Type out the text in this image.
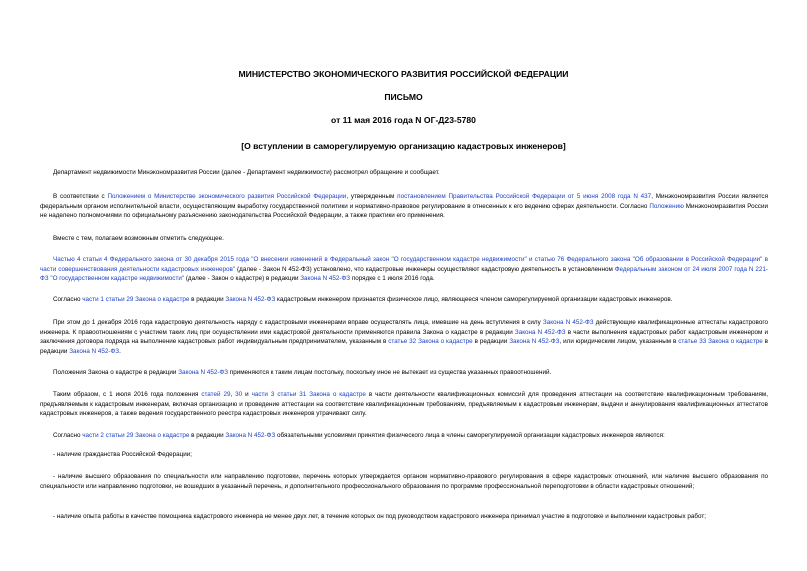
МИНИСТЕРСТВО ЭКОНОМИЧЕСКОГО РАЗВИТИЯ РОССИЙСКОЙ ФЕДЕРАЦИИ
ПИСЬМО
от 11 мая 2016 года N ОГ-Д23-5780
[О вступлении в саморегулируемую организацию кадастровых инженеров]
Департамент недвижимости Минэкономразвития России (далее - Департамент недвижимости) рассмотрел обращение и сообщает.
В соответствии с Положением о Министерстве экономического развития Российской Федерации, утвержденным постановлением Правительства Российской Федерации от 5 июня 2008 года N 437, Минэкономразвития России является федеральным органом исполнительной власти, осуществляющим выработку государственной политики и нормативно-правовое регулирование в отнесенных к его ведению сферах деятельности. Согласно Положению Минэкономразвития России не наделено полномочиями по официальному разъяснению законодательства Российской Федерации, а также практики его применения.
Вместе с тем, полагаем возможным отметить следующее.
Частью 4 статьи 4 Федерального закона от 30 декабря 2015 года "О внесении изменений в Федеральный закон "О государственном кадастре недвижимости" и статью 76 Федерального закона "Об образовании в Российской Федерации" в части совершенствования деятельности кадастровых инженеров" (далее - Закон N 452-ФЗ) установлено, что кадастровые инженеры осуществляют кадастровую деятельность в установленном Федеральным законом от 24 июля 2007 года N 221-ФЗ "О государственном кадастре недвижимости" (далее - Закон о кадастре) в редакции Закона N 452-ФЗ порядке с 1 июля 2016 года.
Согласно части 1 статьи 29 Закона о кадастре в редакции Закона N 452-ФЗ кадастровым инженером признается физическое лицо, являющееся членом саморегулируемой организации кадастровых инженеров.
При этом до 1 декабря 2016 года кадастровую деятельность наряду с кадастровыми инженерами вправе осуществлять лица, имевшие на день вступления в силу Закона N 452-ФЗ действующие квалификационные аттестаты кадастрового инженера. К правоотношениям с участием таких лиц при осуществлении ими кадастровой деятельности применяются правила Закона о кадастре в редакции Закона N 452-ФЗ в части выполнения кадастровых работ кадастровым инженером и заключения договора подряда на выполнение кадастровых работ индивидуальным предпринимателем, указанным в статье 32 Закона о кадастре в редакции Закона N 452-ФЗ, или юридическим лицом, указанным в статье 33 Закона о кадастре в редакции Закона N 452-ФЗ.
Положения Закона о кадастре в редакции Закона N 452-ФЗ применяются к таким лицам постольку, поскольку иное не вытекает из существа указанных правоотношений.
Таким образом, с 1 июля 2016 года положения статей 29, 30 и части 3 статьи 31 Закона о кадастре в части деятельности квалификационных комиссий для проведения аттестации на соответствие квалификационным требованиям, предъявляемым к кадастровым инженерам, включая организацию и проведение аттестации на соответствие квалификационным требованиям, предъявляемым к кадастровым инженерам, выдачи и аннулирования квалификационных аттестатов кадастровых инженеров, а также ведения государственного реестра кадастровых инженеров утрачивают силу.
Согласно части 2 статьи 29 Закона о кадастре в редакции Закона N 452-ФЗ обязательными условиями принятия физического лица в члены саморегулируемой организации кадастровых инженеров являются:
- наличие гражданства Российской Федерации;
- наличие высшего образования по специальности или направлению подготовки, перечень которых утверждается органом нормативно-правового регулирования в сфере кадастровых отношений, или наличие высшего образования по специальности или направлению подготовки, не вошедших в указанный перечень, и дополнительного профессионального образования по программе профессиональной переподготовки в области кадастровых отношений;
- наличие опыта работы в качестве помощника кадастрового инженера не менее двух лет, в течение которых он под руководством кадастрового инженера принимал участие в подготовке и выполнении кадастровых работ;
